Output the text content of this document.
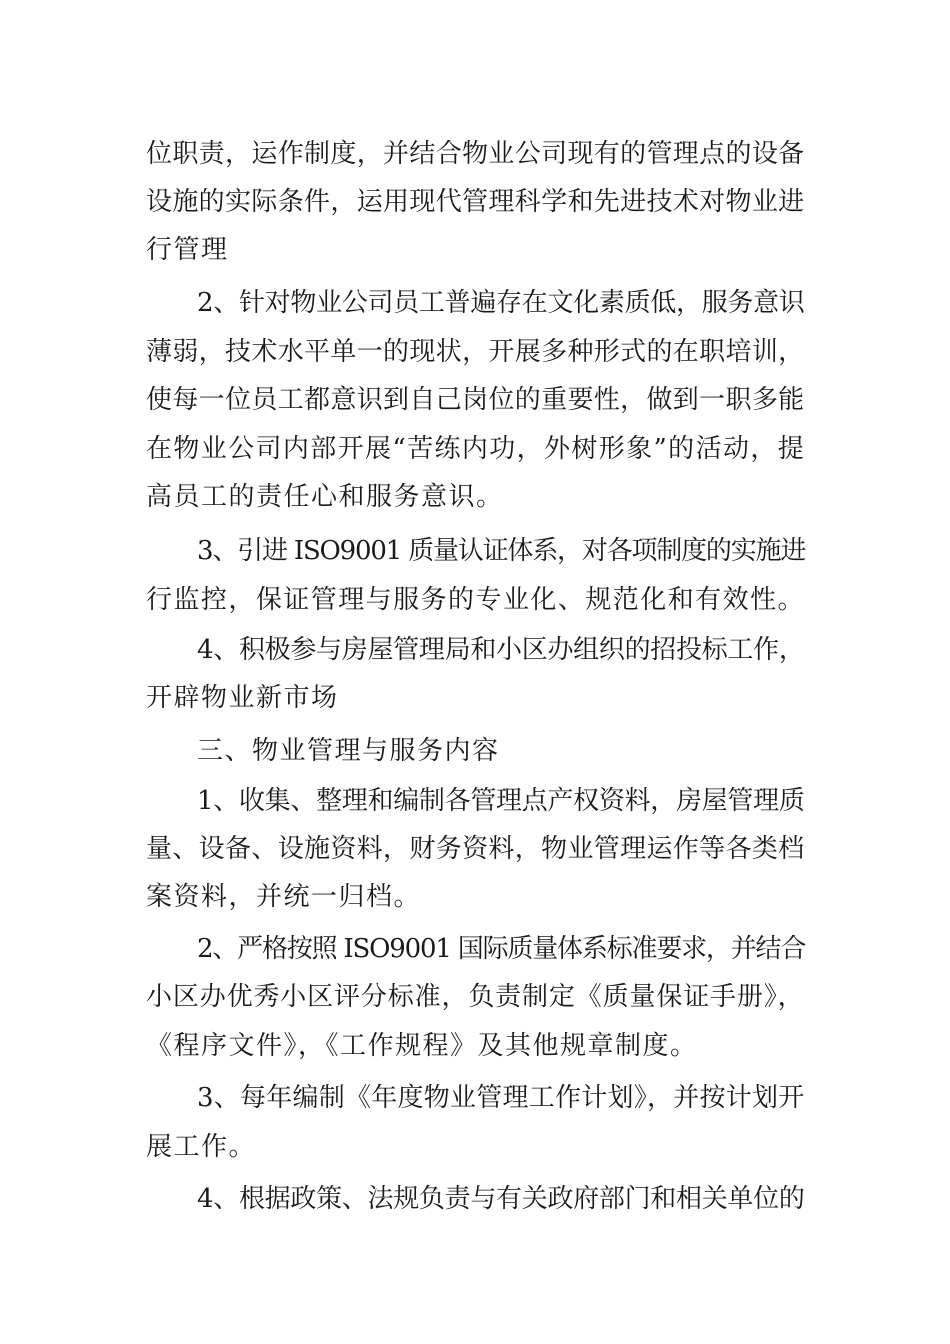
位职责，运作制度，并结合物业公司现有的管理点的设备
设施的实际条件，运用现代管理科学和先进技术对物业进
行管理
2、针对物业公司员工普遍存在文化素质低，服务意识
薄弱，技术水平单一的现状，开展多种形式的在职培训，
使每一位员工都意识到自己岗位的重要性，做到一职多能
在物业公司内部开展“苦练内功，外树形象”的活动，提
高员工的责任心和服务意识。
3、引进 ISO9001 质量认证体系，对各项制度的实施进
行监控，保证管理与服务的专业化、规范化和有效性。
4、积极参与房屋管理局和小区办组织的招投标工作，
开辟物业新市场
三、物业管理与服务内容
1、收集、整理和编制各管理点产权资料，房屋管理质
量、设备、设施资料，财务资料，物业管理运作等各类档
案资料，并统一归档。
2、严格按照 ISO9001 国际质量体系标准要求，并结合
小区办优秀小区评分标准，负责制定《质量保证手册》，
《程序文件》，《工作规程》及其他规章制度。
3、每年编制《年度物业管理工作计划》，并按计划开
展工作。
4、根据政策、法规负责与有关政府部门和相关单位的
